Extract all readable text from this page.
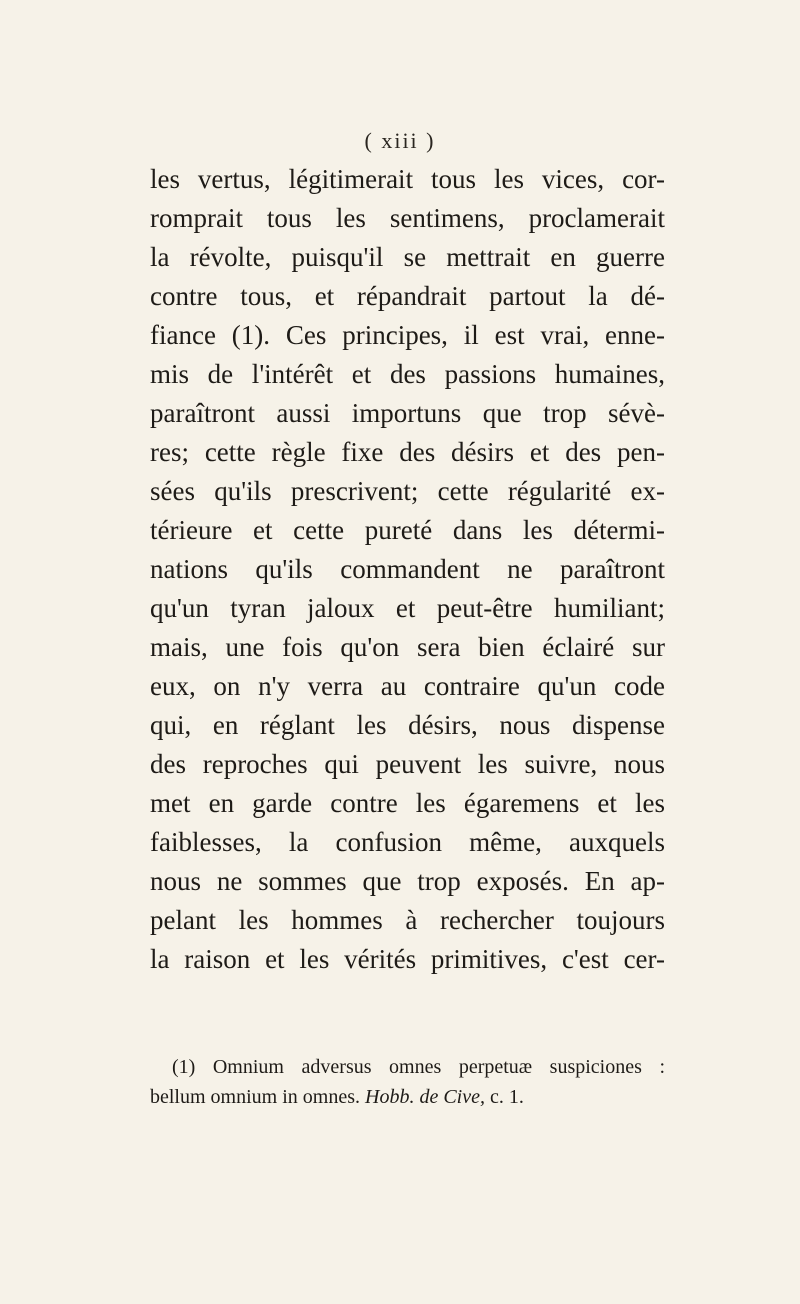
( xiii )
les vertus, légitimerait tous les vices, cor-
romprait tous les sentimens, proclamerait
la révolte, puisqu'il se mettrait en guerre
contre tous, et répandrait partout la dé-
fiance (1). Ces principes, il est vrai, enne-
mis de l'intérêt et des passions humaines,
paraîtront aussi importuns que trop sévè-
res; cette règle fixe des désirs et des pen-
sées qu'ils prescrivent; cette régularité ex-
térieure et cette pureté dans les détermi-
nations qu'ils commandent ne paraîtront
qu'un tyran jaloux et peut-être humiliant;
mais, une fois qu'on sera bien éclairé sur
eux, on n'y verra au contraire qu'un code
qui, en réglant les désirs, nous dispense
des reproches qui peuvent les suivre, nous
met en garde contre les égaremens et les
faiblesses, la confusion même, auxquels
nous ne sommes que trop exposés. En ap-
pelant les hommes à rechercher toujours
la raison et les vérités primitives, c'est cer-
(1) Omnium adversus omnes perpetuæ suspiciones :
bellum omnium in omnes. Hobb. de Cive, c. 1.
